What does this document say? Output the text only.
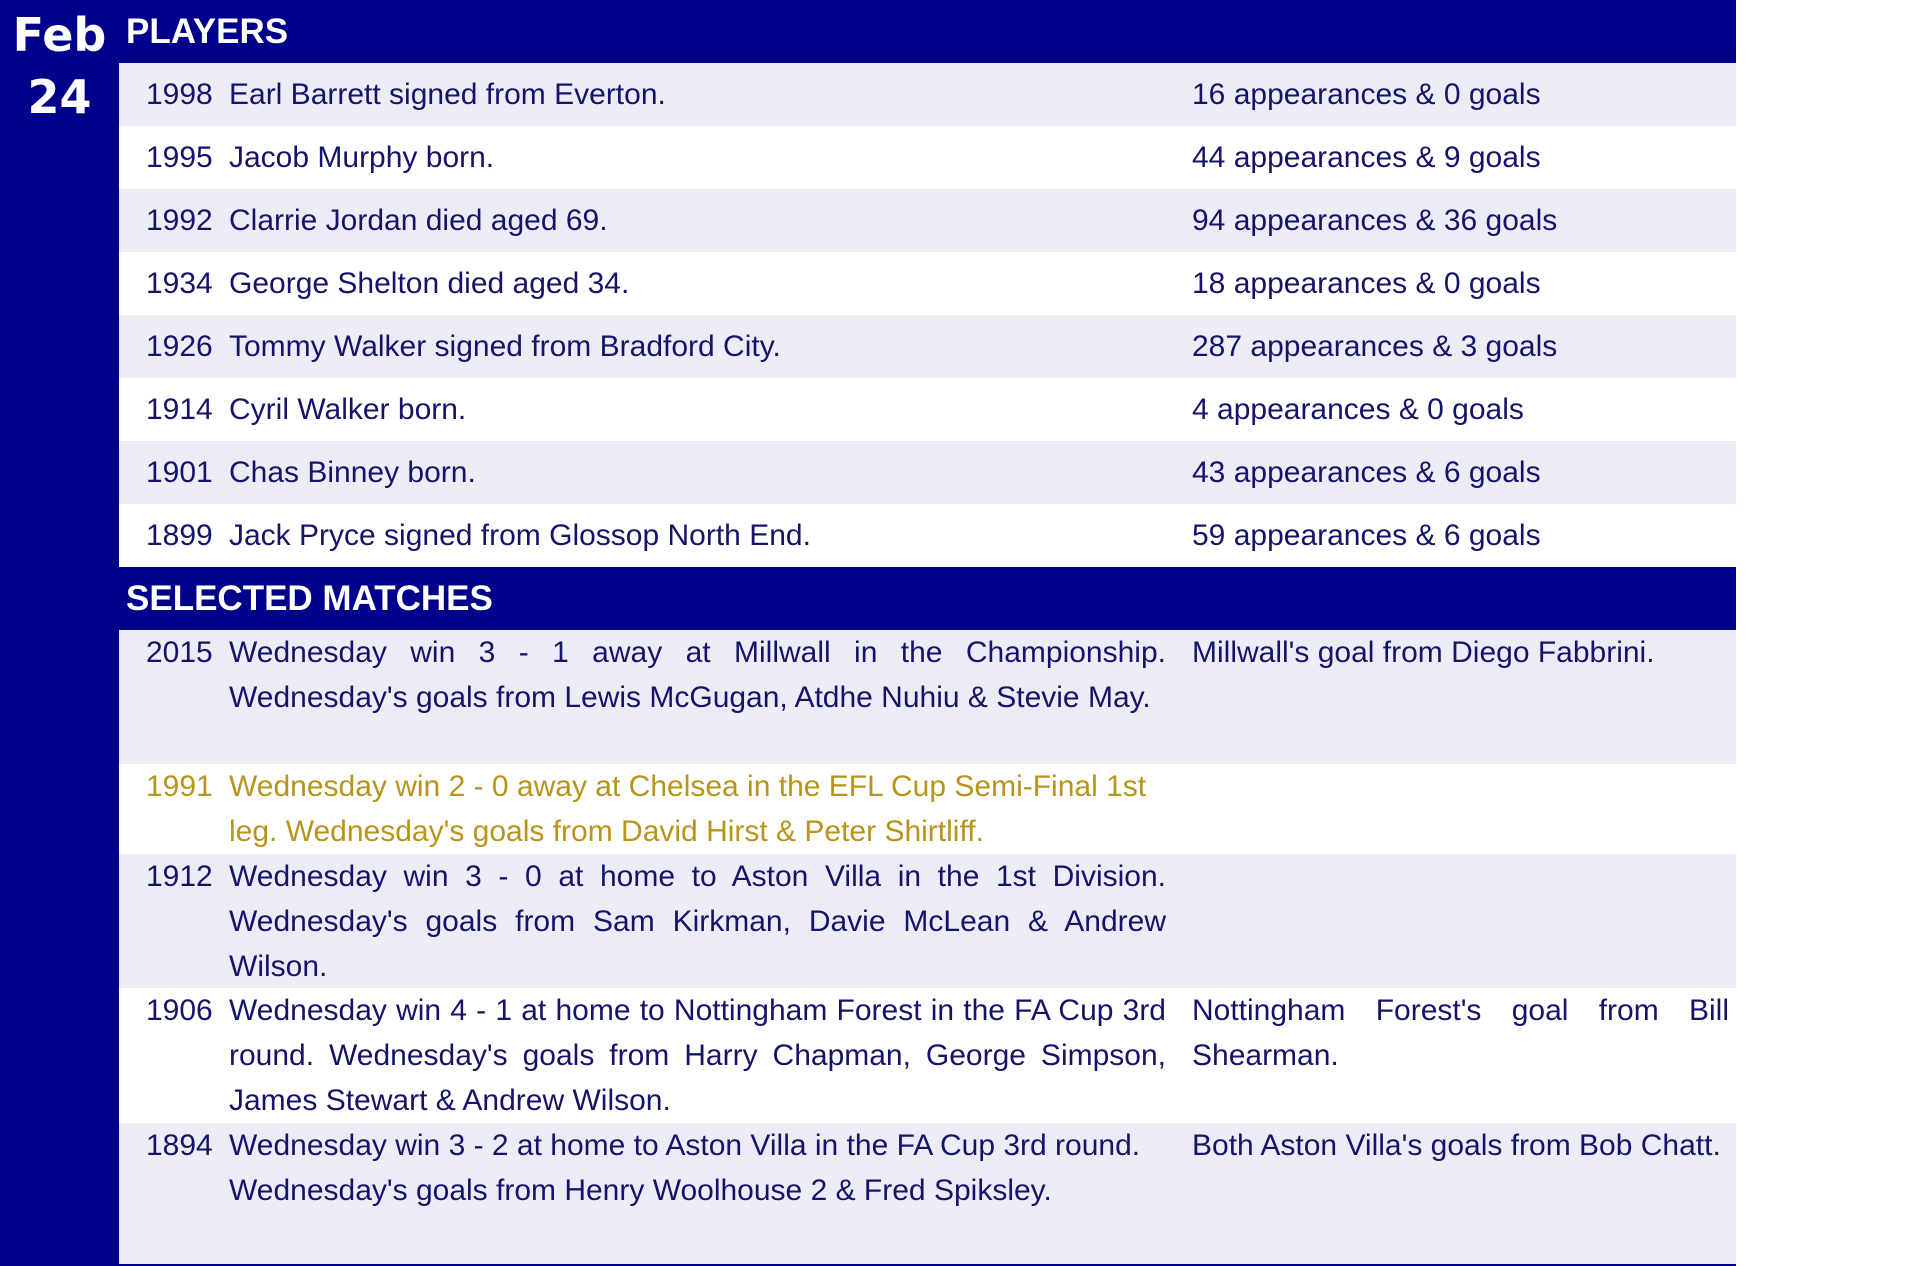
Feb
24
PLAYERS
1998 Earl Barrett signed from Everton.	16 appearances & 0 goals
1995 Jacob Murphy born.	44 appearances & 9 goals
1992 Clarrie Jordan died aged 69.	94 appearances & 36 goals
1934 George Shelton died aged 34.	18 appearances & 0 goals
1926 Tommy Walker signed from Bradford City.	287 appearances & 3 goals
1914 Cyril Walker born.	4 appearances & 0 goals
1901 Chas Binney born.	43 appearances & 6 goals
1899 Jack Pryce signed from Glossop North End.	59 appearances & 6 goals
SELECTED MATCHES
2015 Wednesday win 3 - 1 away at Millwall in the Championship. Wednesday's goals from Lewis McGugan, Atdhe Nuhiu & Stevie May.
Millwall's goal from Diego Fabbrini.
1991 Wednesday win 2 - 0 away at Chelsea in the EFL Cup Semi-Final 1st leg. Wednesday's goals from David Hirst & Peter Shirtliff.
1912 Wednesday win 3 - 0 at home to Aston Villa in the 1st Division. Wednesday's goals from Sam Kirkman, Davie McLean & Andrew Wilson.
1906 Wednesday win 4 - 1 at home to Nottingham Forest in the FA Cup 3rd round. Wednesday's goals from Harry Chapman, George Simpson, James Stewart & Andrew Wilson.
Nottingham Forest's goal from Bill Shearman.
1894 Wednesday win 3 - 2 at home to Aston Villa in the FA Cup 3rd round. Wednesday's goals from Henry Woolhouse 2 & Fred Spiksley.
Both Aston Villa's goals from Bob Chatt.
